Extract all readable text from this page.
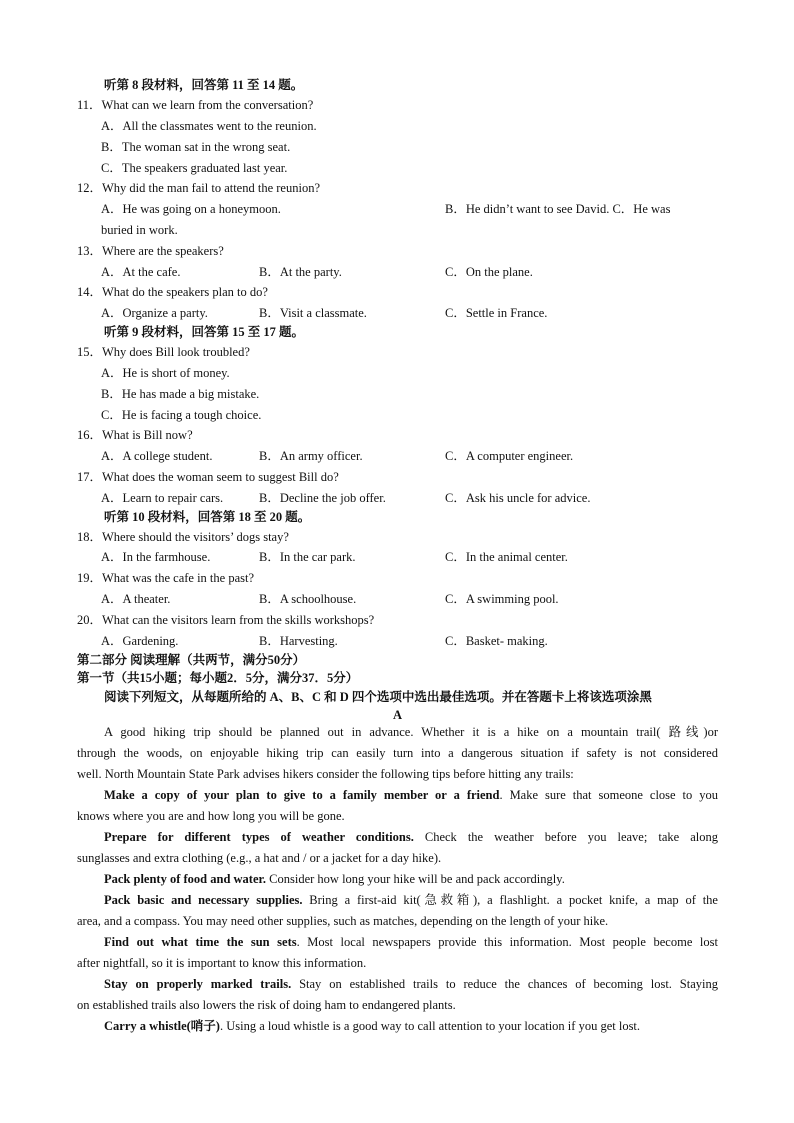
听第 8 段材料，回答第 11 至 14 题。
11．What can we learn from the conversation?
A．All the classmates went to the reunion.
B．The woman sat in the wrong seat.
C．The speakers graduated last year.
12．Why did the man fail to attend the reunion?
A．He was going on a honeymoon.	B．He didn’t want to see David. C．He was
buried in work.
13．Where are the speakers?
A．At the cafe.	B．At the party.	C．On the plane.
14．What do the speakers plan to do?
A．Organize a party.	B．Visit a classmate.	C．Settle in France.
听第 9 段材料，回答第 15 至 17 题。
15．Why does Bill look troubled?
A．He is short of money.
B．He has made a big mistake.
C．He is facing a tough choice.
16．What is Bill now?
A．A college student.	B．An army officer.	C．A computer engineer.
17．What does the woman seem to suggest Bill do?
A．Learn to repair cars.	B．Decline the job offer.	C．Ask his uncle for advice.
听第 10 段材料，回答第 18 至 20 题。
18．Where should the visitors’ dogs stay?
A．In the farmhouse.	B．In the car park.	C．In the animal center.
19．What was the cafe in the past?
A．A theater.	B．A schoolhouse.	C．A swimming pool.
20．What can the visitors learn from the skills workshops?
A．Gardening.	B．Harvesting.	C．Basket- making.
第二部分 阅读理解（共两节，满分50分）
第一节（共15小题；每小题2．5分，满分37．5分）
阅读下列短文，从每题所给的 A、B、C 和 D 四个选项中选出最佳选项。并在答题卡上将该选项涂黑
A
A good hiking trip should be planned out in advance. Whether it is a hike on a mountain trail( 路线)or
through the woods, on enjoyable hiking trip can easily turn into a dangerous situation if safety is not considered
well. North Mountain State Park advises hikers consider the following tips before hitting any trails:
Make a copy of your plan to give to a family member or a friend. Make sure that someone close to you
knows where you are and how long you will be gone.
Prepare for different types of weather conditions. Check the weather before you leave; take along
sunglasses and extra clothing (e.g., a hat and / or a jacket for a day hike).
Pack plenty of food and water. Consider how long your hike will be and pack accordingly.
Pack basic and necessary supplies. Bring a first-aid kit(急救箱), a flashlight. a pocket knife, a map of the
area, and a compass. You may need other supplies, such as matches, depending on the length of your hike.
Find out what time the sun sets. Most local newspapers provide this information. Most people become lost
after nightfall, so it is important to know this information.
Stay on properly marked trails. Stay on established trails to reduce the chances of becoming lost. Staying
on established trails also lowers the risk of doing ham to endangered plants.
Carry a whistle(哨子). Using a loud whistle is a good way to call attention to your location if you get lost.
